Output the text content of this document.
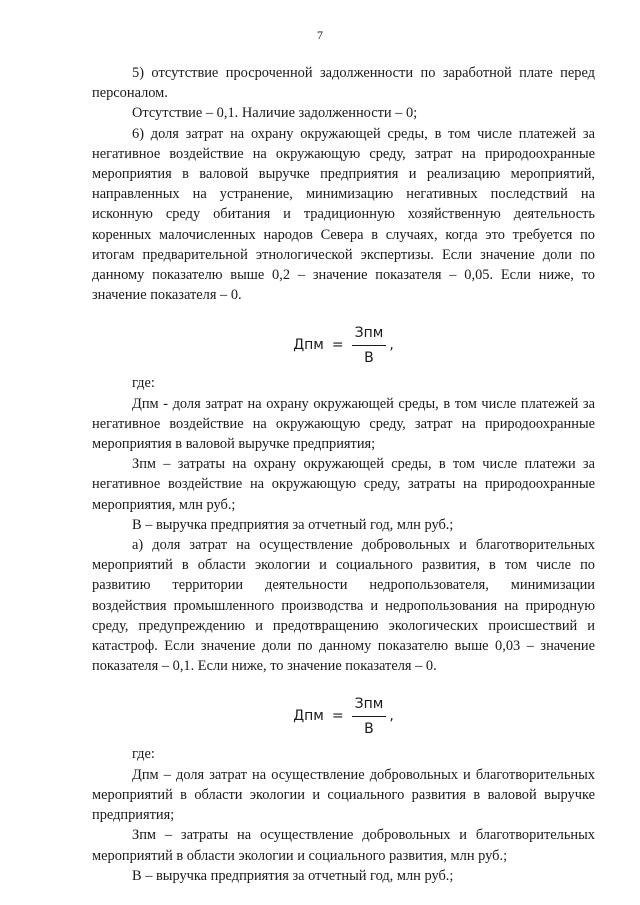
7

5) отсутствие просроченной задолженности по заработной плате перед персоналом.

Отсутствие – 0,1. Наличие задолженности – 0;

6) доля затрат на охрану окружающей среды, в том числе платежей за негативное воздействие на окружающую среду, затрат на природоохранные мероприятия в валовой выручке предприятия и реализацию мероприятий, направленных на устранение, минимизацию негативных последствий на исконную среду обитания и традиционную хозяйственную деятельность коренных малочисленных народов Севера в случаях, когда это требуется по итогам предварительной этнологической экспертизы. Если значение доли по данному показателю выше 0,2 – значение показателя – 0,05. Если ниже, то значение показателя – 0.

Дпм = $\frac{\text{Зпм}}{В}$ ,

где:

Дпм - доля затрат на охрану окружающей среды, в том числе платежей за негативное воздействие на окружающую среду, затрат на природоохранные мероприятия в валовой выручке предприятия;

Зпм – затраты на охрану окружающей среды, в том числе платежи за негативное воздействие на окружающую среду, затраты на природоохранные мероприятия, млн руб.;

В – выручка предприятия за отчетный год, млн руб.;

а) доля затрат на осуществление добровольных и благотворительных мероприятий в области экологии и социального развития, в том числе по развитию территории деятельности недропользователя, минимизации воздействия промышленного производства и недропользования на природную среду, предупреждению и предотвращению экологических происшествий и катастроф. Если значение доли по данному показателю выше 0,03 – значение показателя – 0,1. Если ниже, то значение показателя – 0.

Дпм = $\frac{\text{Зпм}}{В}$ ,

где:

Дпм – доля затрат на осуществление добровольных и благотворительных мероприятий в области экологии и социального развития в валовой выручке предприятия;

Зпм – затраты на осуществление добровольных и благотворительных мероприятий в области экологии и социального развития, млн руб.;

В – выручка предприятия за отчетный год, млн руб.;
